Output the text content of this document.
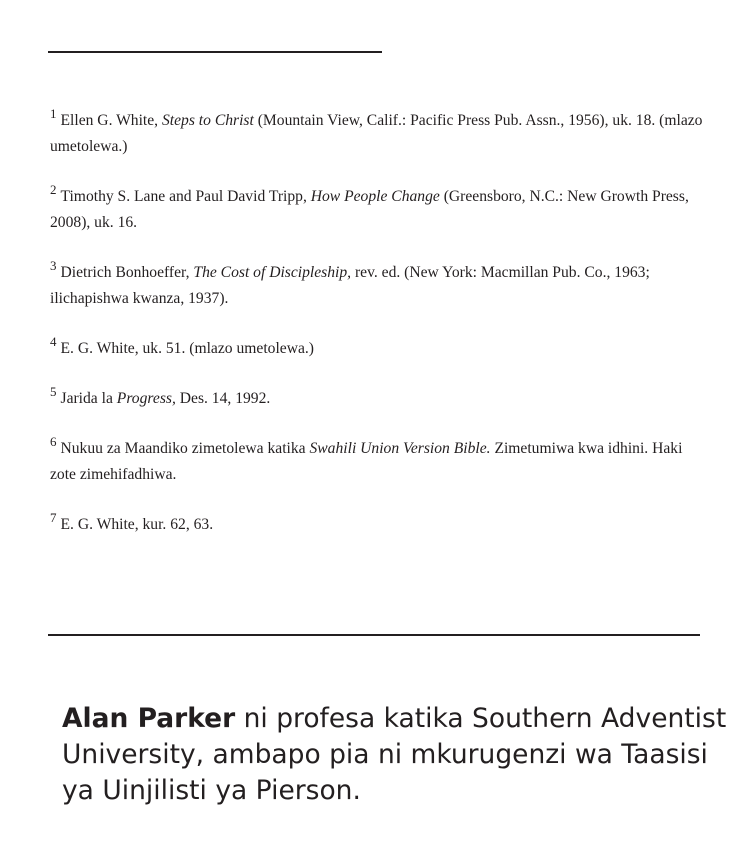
$^1$ Ellen G. White, Steps to Christ (Mountain View, Calif.: Pacific Press Pub. Assn., 1956), uk. 18. (mlazo umetolewa.)

$^2$ Timothy S. Lane and Paul David Tripp, How People Change (Greensboro, N.C.: New Growth Press, 2008), uk. 16.

$^3$ Dietrich Bonhoeffer, The Cost of Discipleship, rev. ed. (New York: Macmillan Pub. Co., 1963; ilichapishwa kwanza, 1937).

$^4$ E. G. White, uk. 51. (mlazo umetolewa.)

$^5$ Jarida la Progress, Des. 14, 1992.

$^6$ Nukuu za Maandiko zimetolewa katika Swahili Union Version Bible. Zimetumiwa kwa idhini. Haki zote zimehifadhiwa.

$^7$ E. G. White, kur. 62, 63.

Alan Parker ni profesa katika Southern Adventist University, ambapo pia ni mkurugenzi wa Taasisi ya Uinjilisti ya Pierson.
